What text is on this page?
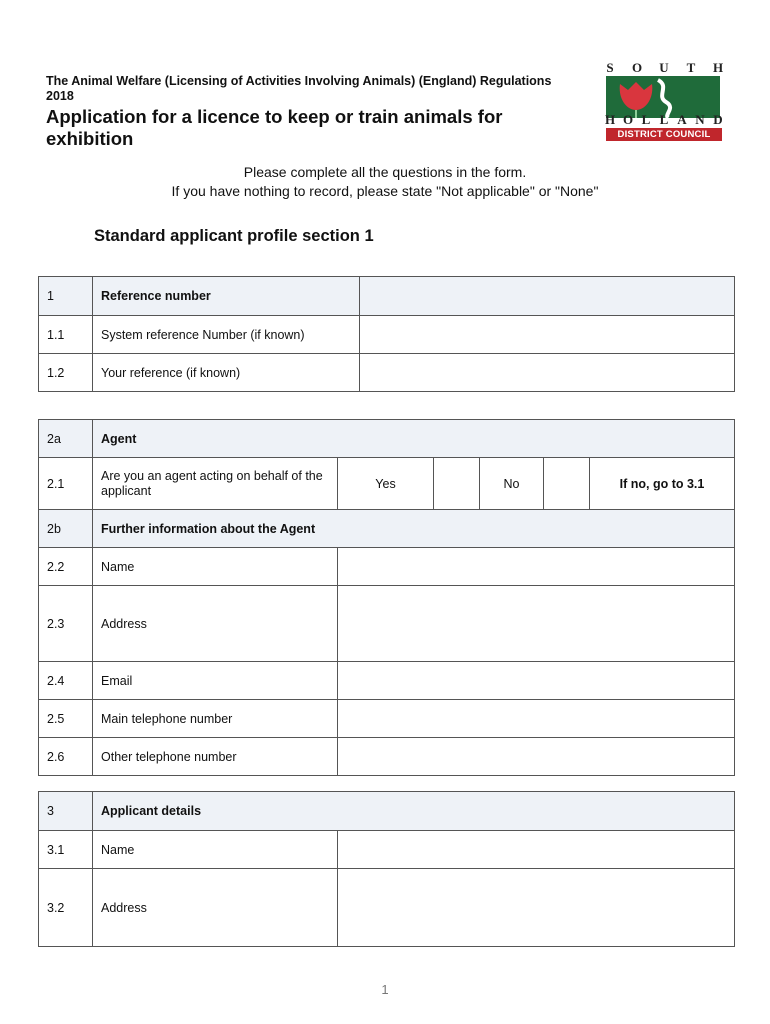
The Animal Welfare (Licensing of Activities Involving Animals) (England) Regulations 2018
Application for a licence to keep or train animals for exhibition
S O U T H
H O L L A N D
DISTRICT COUNCIL
Please complete all the questions in the form.
If you have nothing to record, please state "Not applicable" or "None"
Standard applicant profile section 1
1	Reference number	
1.1	System reference Number (if known)	
1.2	Your reference (if known)	
2a	Agent					
2.1	Are you an agent acting on behalf of the applicant	Yes		No		If no, go to 3.1
2b	Further information about the Agent					
2.2	Name					
2.3	Address					
2.4	Email					
2.5	Main telephone number					
2.6	Other telephone number					
3	Applicant details	
3.1	Name	
3.2	Address	
1
